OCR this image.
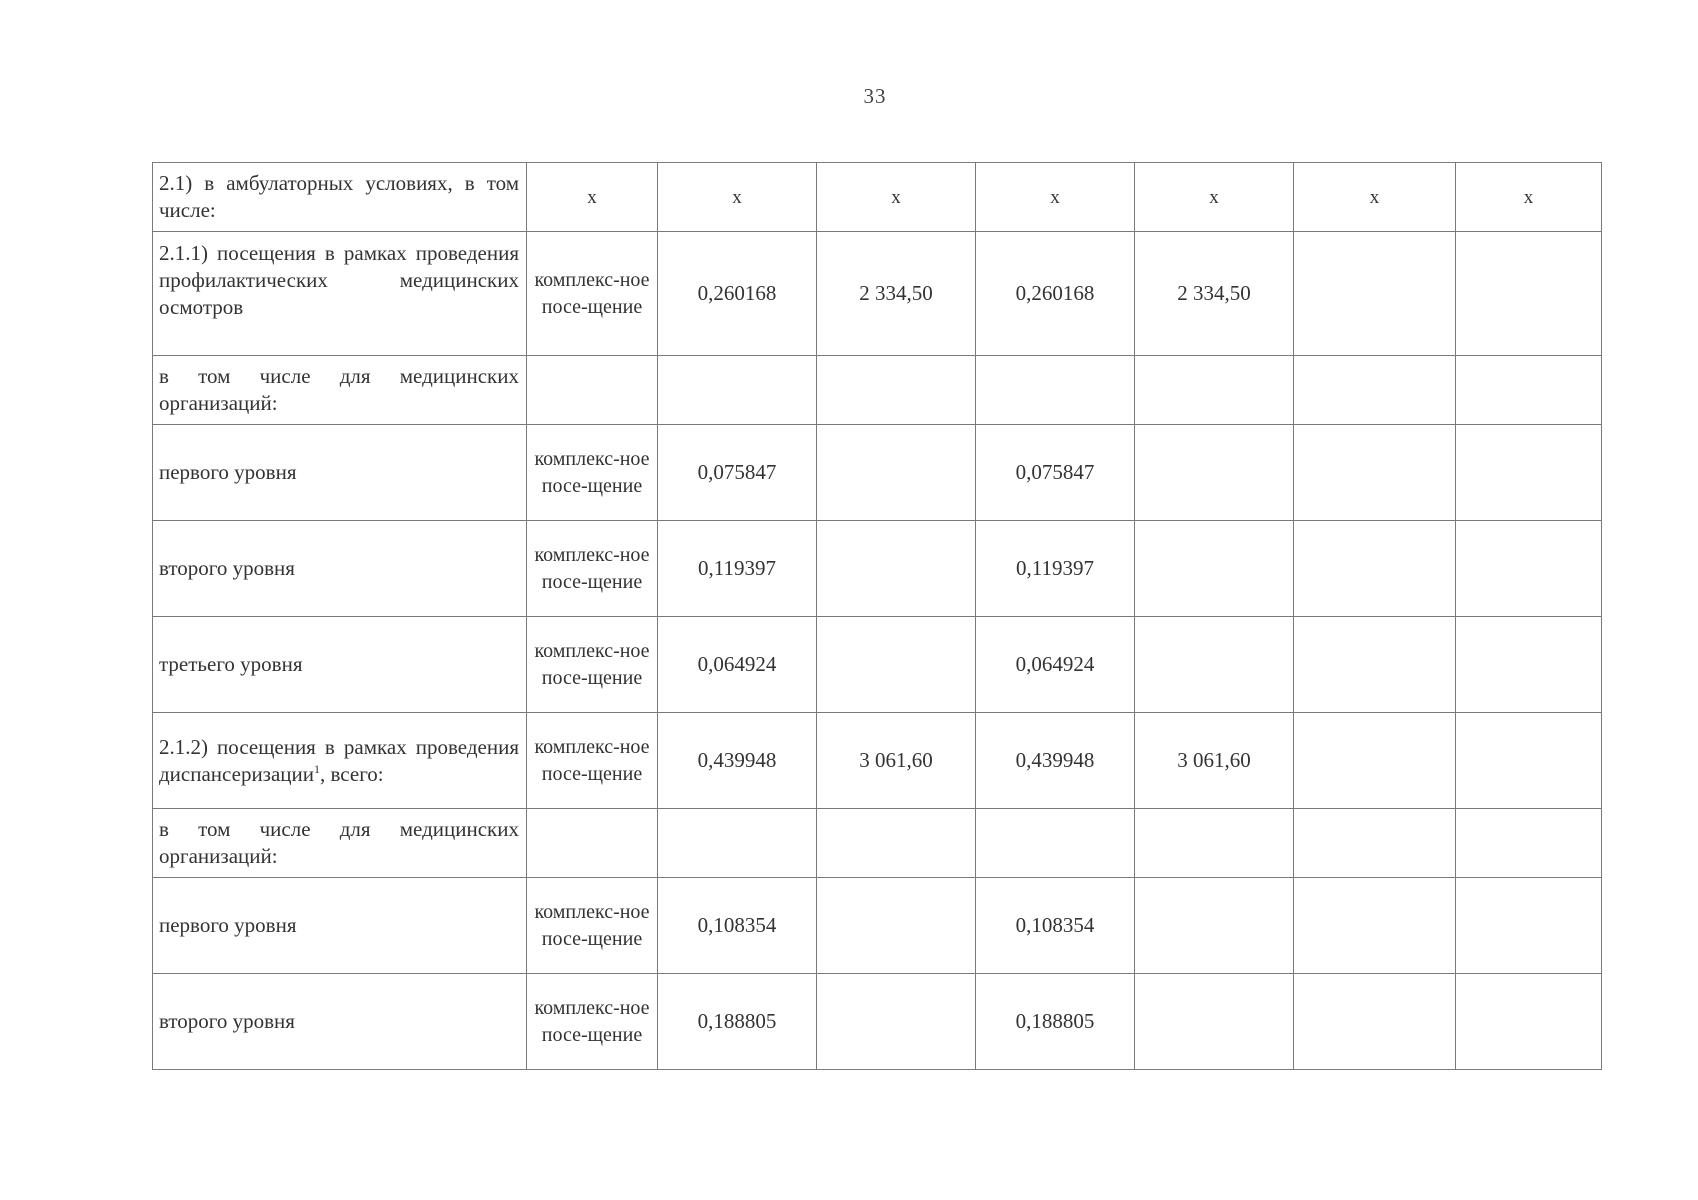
33
2.1) в амбулаторных условиях, в том числе:	х	х	х	х	х	х	х
2.1.1) посещения в рамках проведения профилактических медицинских осмотров	комплекс-ное посе-щение	0,260168	2 334,50	0,260168	2 334,50		
в том числе для медицинских организаций:							
первого уровня	комплекс-ное посе-щение	0,075847		0,075847			
второго уровня	комплекс-ное посе-щение	0,119397		0,119397			
третьего уровня	комплекс-ное посе-щение	0,064924		0,064924			
2.1.2) посещения в рамках проведения диспансеризации$^1$, всего:	комплекс-ное посе-щение	0,439948	3 061,60	0,439948	3 061,60		
в том числе для медицинских организаций:							
первого уровня	комплекс-ное посе-щение	0,108354		0,108354			
второго уровня	комплекс-ное посе-щение	0,188805		0,188805			
